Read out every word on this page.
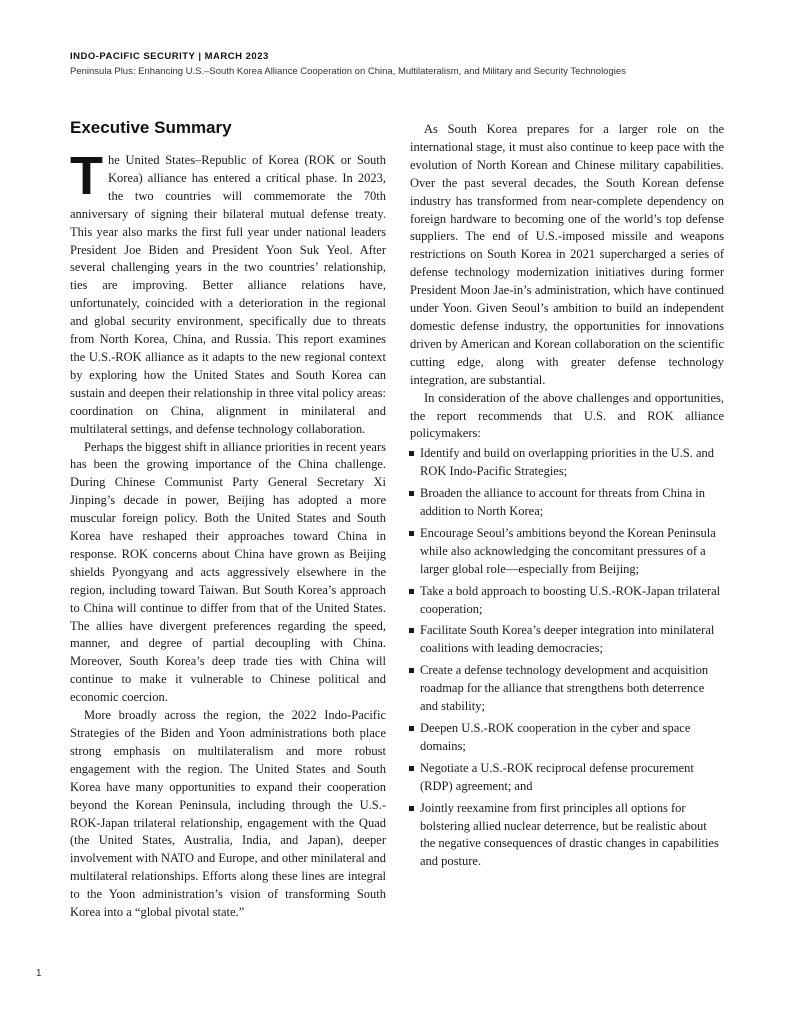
INDO-PACIFIC SECURITY | MARCH 2023
Peninsula Plus: Enhancing U.S.–South Korea Alliance Cooperation on China, Multilateralism, and Military and Security Technologies
Executive Summary

The United States–Republic of Korea (ROK or South Korea) alliance has entered a critical phase. In 2023, the two countries will commemorate the 70th anniversary of signing their bilateral mutual defense treaty. This year also marks the first full year under national leaders President Joe Biden and President Yoon Suk Yeol. After several challenging years in the two countries’ relationship, ties are improving. Better alliance relations have, unfortunately, coincided with a deterioration in the regional and global security environment, specifically due to threats from North Korea, China, and Russia. This report examines the U.S.-ROK alliance as it adapts to the new regional context by exploring how the United States and South Korea can sustain and deepen their relationship in three vital policy areas: coordination on China, alignment in minilateral and multilateral settings, and defense technology collaboration.

Perhaps the biggest shift in alliance priorities in recent years has been the growing importance of the China challenge. During Chinese Communist Party General Secretary Xi Jinping’s decade in power, Beijing has adopted a more muscular foreign policy. Both the United States and South Korea have reshaped their approaches toward China in response. ROK concerns about China have grown as Beijing shields Pyongyang and acts aggressively elsewhere in the region, including toward Taiwan. But South Korea’s approach to China will continue to differ from that of the United States. The allies have divergent preferences regarding the speed, manner, and degree of partial decoupling with China. Moreover, South Korea’s deep trade ties with China will continue to make it vulnerable to Chinese political and economic coercion.

More broadly across the region, the 2022 Indo-Pacific Strategies of the Biden and Yoon administrations both place strong emphasis on multilateralism and more robust engagement with the region. The United States and South Korea have many opportunities to expand their cooperation beyond the Korean Peninsula, including through the U.S.-ROK-Japan trilateral relationship, engagement with the Quad (the United States, Australia, India, and Japan), deeper involvement with NATO and Europe, and other minilateral and multilateral relationships. Efforts along these lines are integral to the Yoon administration’s vision of transforming South Korea into a “global pivotal state.”

As South Korea prepares for a larger role on the international stage, it must also continue to keep pace with the evolution of North Korean and Chinese military capabilities. Over the past several decades, the South Korean defense industry has transformed from near-complete dependency on foreign hardware to becoming one of the world’s top defense suppliers. The end of U.S.-imposed missile and weapons restrictions on South Korea in 2021 supercharged a series of defense technology modernization initiatives during former President Moon Jae-in’s administration, which have continued under Yoon. Given Seoul’s ambition to build an independent domestic defense industry, the opportunities for innovations driven by American and Korean collaboration on the scientific cutting edge, along with greater defense technology integration, are substantial.

In consideration of the above challenges and opportunities, the report recommends that U.S. and ROK alliance policymakers:

Identify and build on overlapping priorities in the U.S. and ROK Indo-Pacific Strategies;
Broaden the alliance to account for threats from China in addition to North Korea;
Encourage Seoul’s ambitions beyond the Korean Peninsula while also acknowledging the concomitant pressures of a larger global role—especially from Beijing;
Take a bold approach to boosting U.S.-ROK-Japan trilateral cooperation;
Facilitate South Korea’s deeper integration into minilateral coalitions with leading democracies;
Create a defense technology development and acquisition roadmap for the alliance that strengthens both deterrence and stability;
Deepen U.S.-ROK cooperation in the cyber and space domains;
Negotiate a U.S.-ROK reciprocal defense procurement (RDP) agreement; and
Jointly reexamine from first principles all options for bolstering allied nuclear deterrence, but be realistic about the negative consequences of drastic changes in capabilities and posture.
1
